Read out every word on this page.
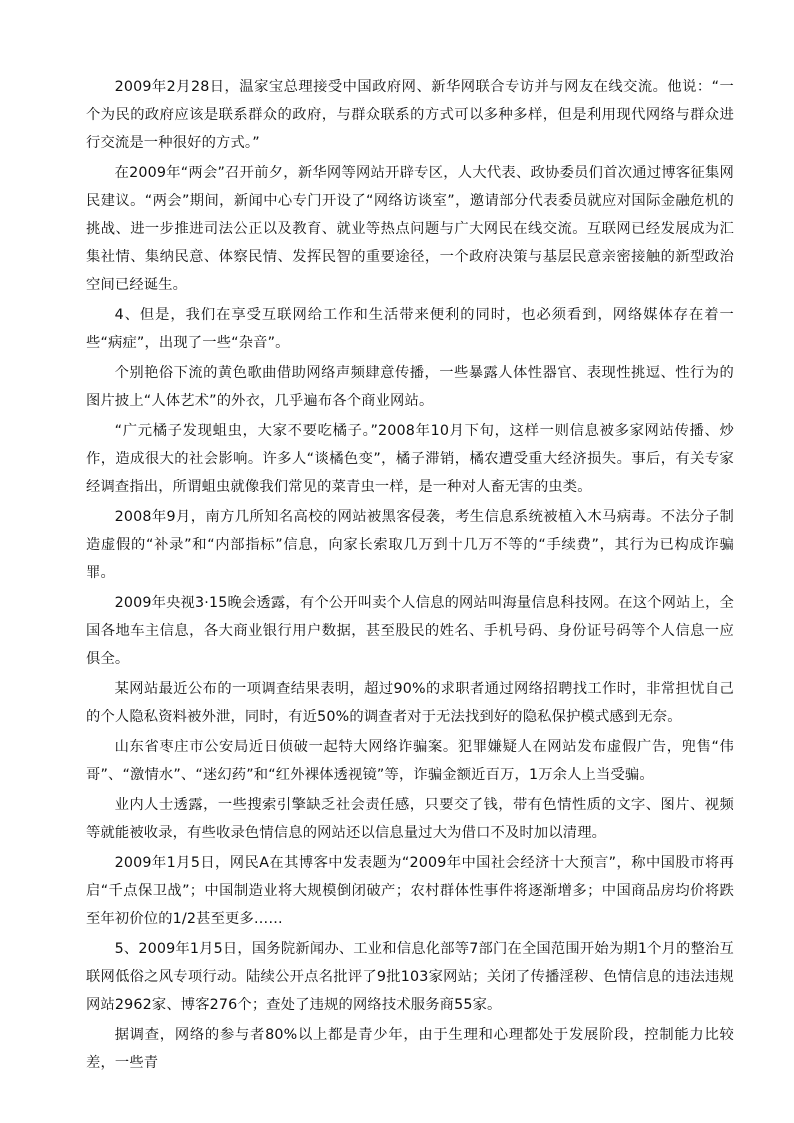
2009年2月28日，温家宝总理接受中国政府网、新华网联合专访并与网友在线交流。他说：“一个为民的政府应该是联系群众的政府，与群众联系的方式可以多种多样，但是利用现代网络与群众进行交流是一种很好的方式。”

在2009年“两会”召开前夕，新华网等网站开辟专区，人大代表、政协委员们首次通过博客征集网民建议。“两会”期间，新闻中心专门开设了“网络访谈室”，邀请部分代表委员就应对国际金融危机的挑战、进一步推进司法公正以及教育、就业等热点问题与广大网民在线交流。互联网已经发展成为汇集社情、集纳民意、体察民情、发挥民智的重要途径，一个政府决策与基层民意亲密接触的新型政治空间已经诞生。

4、但是，我们在享受互联网给工作和生活带来便利的同时，也必须看到，网络媒体存在着一些“病症”，出现了一些“杂音”。

个别艳俗下流的黄色歌曲借助网络声频肆意传播，一些暴露人体性器官、表现性挑逗、性行为的图片披上“人体艺术”的外衣，几乎遍布各个商业网站。

“广元橘子发现蛆虫，大家不要吃橘子。”2008年10月下旬，这样一则信息被多家网站传播、炒作，造成很大的社会影响。许多人“谈橘色变”，橘子滞销，橘农遭受重大经济损失。事后，有关专家经调查指出，所谓蛆虫就像我们常见的菜青虫一样，是一种对人畜无害的虫类。

2008年9月，南方几所知名高校的网站被黑客侵袭，考生信息系统被植入木马病毒。不法分子制造虚假的“补录”和“内部指标”信息，向家长索取几万到十几万不等的“手续费”，其行为已构成诈骗罪。

2009年央视3·15晚会透露，有个公开叫卖个人信息的网站叫海量信息科技网。在这个网站上，全国各地车主信息，各大商业银行用户数据，甚至股民的姓名、手机号码、身份证号码等个人信息一应俱全。

某网站最近公布的一项调查结果表明，超过90%的求职者通过网络招聘找工作时，非常担忧自己的个人隐私资料被外泄，同时，有近50%的调查者对于无法找到好的隐私保护模式感到无奈。

山东省枣庄市公安局近日侦破一起特大网络诈骗案。犯罪嫌疑人在网站发布虚假广告，兜售“伟哥”、“激情水”、“迷幻药”和“红外裸体透视镜”等，诈骗金额近百万，1万余人上当受骗。

业内人士透露，一些搜索引擎缺乏社会责任感，只要交了钱，带有色情性质的文字、图片、视频等就能被收录，有些收录色情信息的网站还以信息量过大为借口不及时加以清理。

2009年1月5日，网民A在其博客中发表题为“2009年中国社会经济十大预言”，称中国股市将再启“千点保卫战”；中国制造业将大规模倒闭破产；农村群体性事件将逐渐增多；中国商品房均价将跌至年初价位的1/2甚至更多……

5、2009年1月5日，国务院新闻办、工业和信息化部等7部门在全国范围开始为期1个月的整治互联网低俗之风专项行动。陆续公开点名批评了9批103家网站；关闭了传播淫秽、色情信息的违法违规网站2962家、博客276个；查处了违规的网络技术服务商55家。

据调查，网络的参与者80%以上都是青少年，由于生理和心理都处于发展阶段，控制能力比较差，一些青
